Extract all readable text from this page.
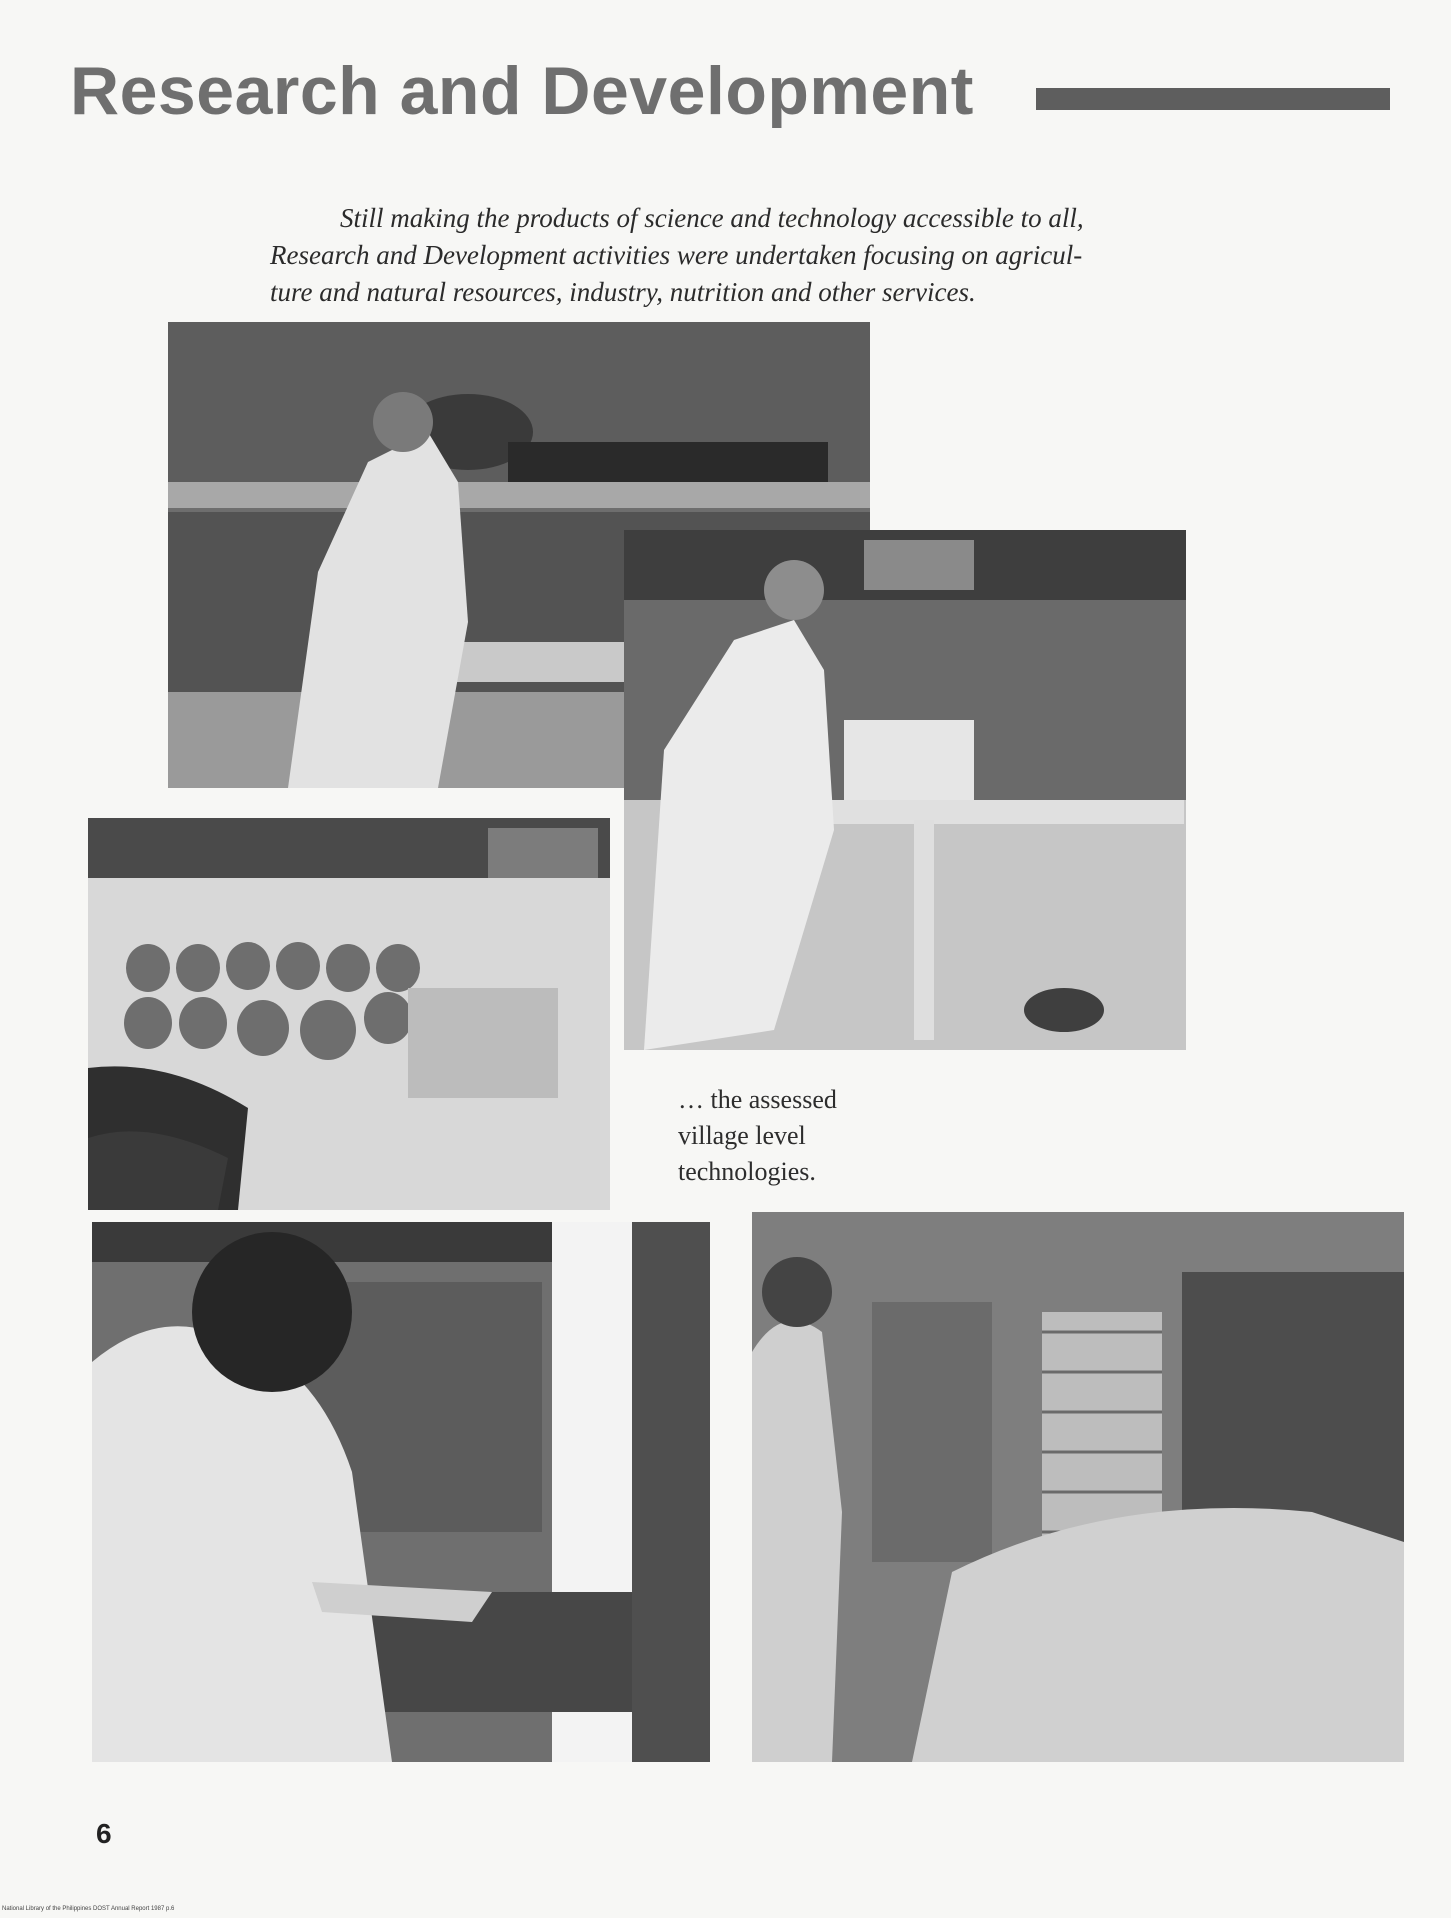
Research and Development
Still making the products of science and technology accessible to all,
Research and Development activities were undertaken focusing on agricul-
ture and natural resources, industry, nutrition and other services.
… the assessed
village level
technologies.
6
National Library of the Philippines DOST Annual Report 1987 p.6
